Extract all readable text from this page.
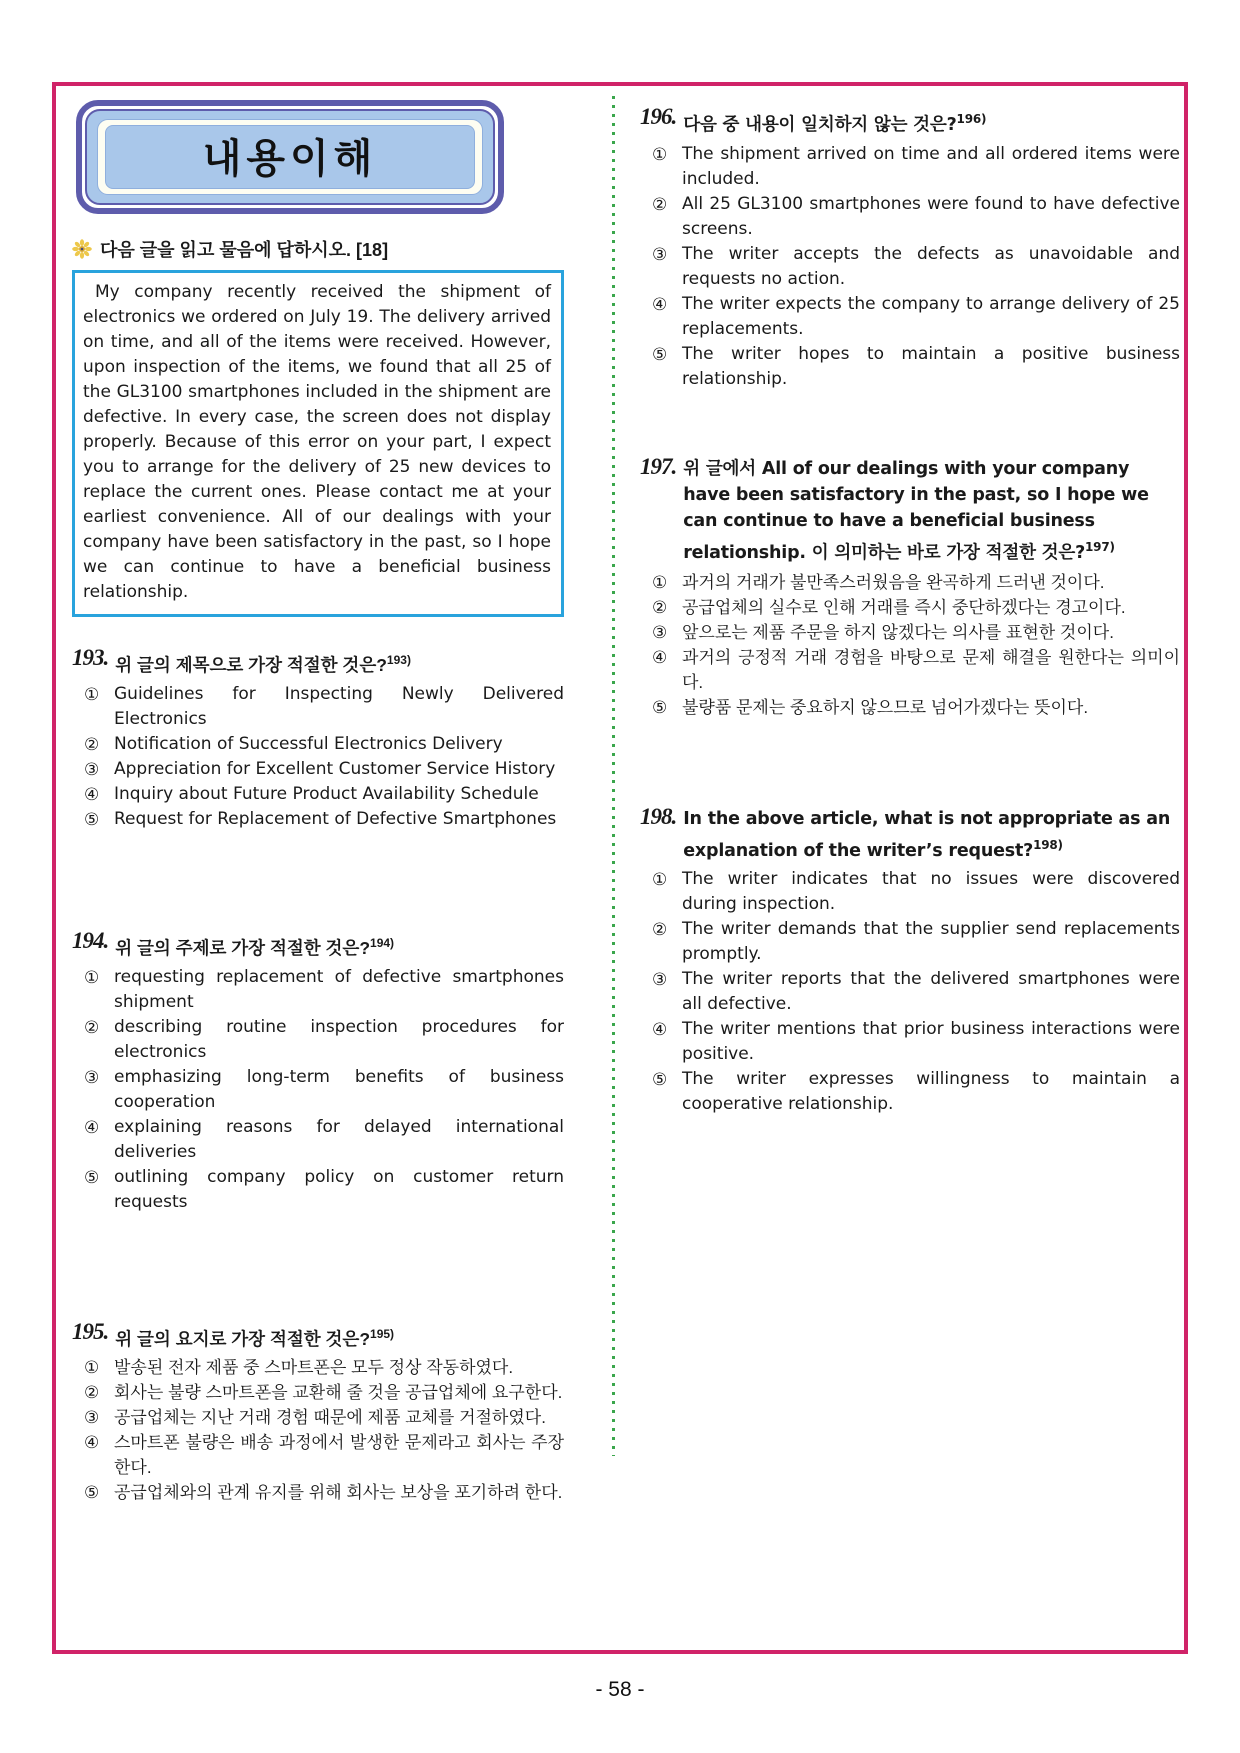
내용이해
다음 글을 읽고 물음에 답하시오. [18]

My company recently received the shipment of electronics we ordered on July 19. The delivery arrived on time, and all of the items were received. However, upon inspection of the items, we found that all 25 of the GL3100 smartphones included in the shipment are defective. In every case, the screen does not display properly. Because of this error on your part, I expect you to arrange for the delivery of 25 new devices to replace the current ones. Please contact me at your earliest convenience. All of our dealings with your company have been satisfactory in the past, so I hope we can continue to have a beneficial business relationship.

193. 위 글의 제목으로 가장 적절한 것은?$^{193)}$
① Guidelines for Inspecting Newly Delivered Electronics
② Notification of Successful Electronics Delivery
③ Appreciation for Excellent Customer Service History
④ Inquiry about Future Product Availability Schedule
⑤ Request for Replacement of Defective Smartphones
194. 위 글의 주제로 가장 적절한 것은?$^{194)}$
① requesting replacement of defective smartphones shipment
② describing routine inspection procedures for electronics
③ emphasizing long-term benefits of business cooperation
④ explaining reasons for delayed international deliveries
⑤ outlining company policy on customer return requests
195. 위 글의 요지로 가장 적절한 것은?$^{195)}$
① 발송된 전자 제품 중 스마트폰은 모두 정상 작동하였다.
② 회사는 불량 스마트폰을 교환해 줄 것을 공급업체에 요구한다.
③ 공급업체는 지난 거래 경험 때문에 제품 교체를 거절하였다.
④ 스마트폰 불량은 배송 과정에서 발생한 문제라고 회사는 주장한다.
⑤ 공급업체와의 관계 유지를 위해 회사는 보상을 포기하려 한다.
196. 다음 중 내용이 일치하지 않는 것은?$^{196)}$
① The shipment arrived on time and all ordered items were included.
② All 25 GL3100 smartphones were found to have defective screens.
③ The writer accepts the defects as unavoidable and requests no action.
④ The writer expects the company to arrange delivery of 25 replacements.
⑤ The writer hopes to maintain a positive business relationship.
197. 위 글에서 All of our dealings with your company have been satisfactory in the past, so I hope we can continue to have a beneficial business relationship. 이 의미하는 바로 가장 적절한 것은?$^{197)}$
① 과거의 거래가 불만족스러웠음을 완곡하게 드러낸 것이다.
② 공급업체의 실수로 인해 거래를 즉시 중단하겠다는 경고이다.
③ 앞으로는 제품 주문을 하지 않겠다는 의사를 표현한 것이다.
④ 과거의 긍정적 거래 경험을 바탕으로 문제 해결을 원한다는 의미이다.
⑤ 불량품 문제는 중요하지 않으므로 넘어가겠다는 뜻이다.
198. In the above article, what is not appropriate as an explanation of the writer’s request?$^{198)}$
① The writer indicates that no issues were discovered during inspection.
② The writer demands that the supplier send replacements promptly.
③ The writer reports that the delivered smartphones were all defective.
④ The writer mentions that prior business interactions were positive.
⑤ The writer expresses willingness to maintain a cooperative relationship.
- 58 -
